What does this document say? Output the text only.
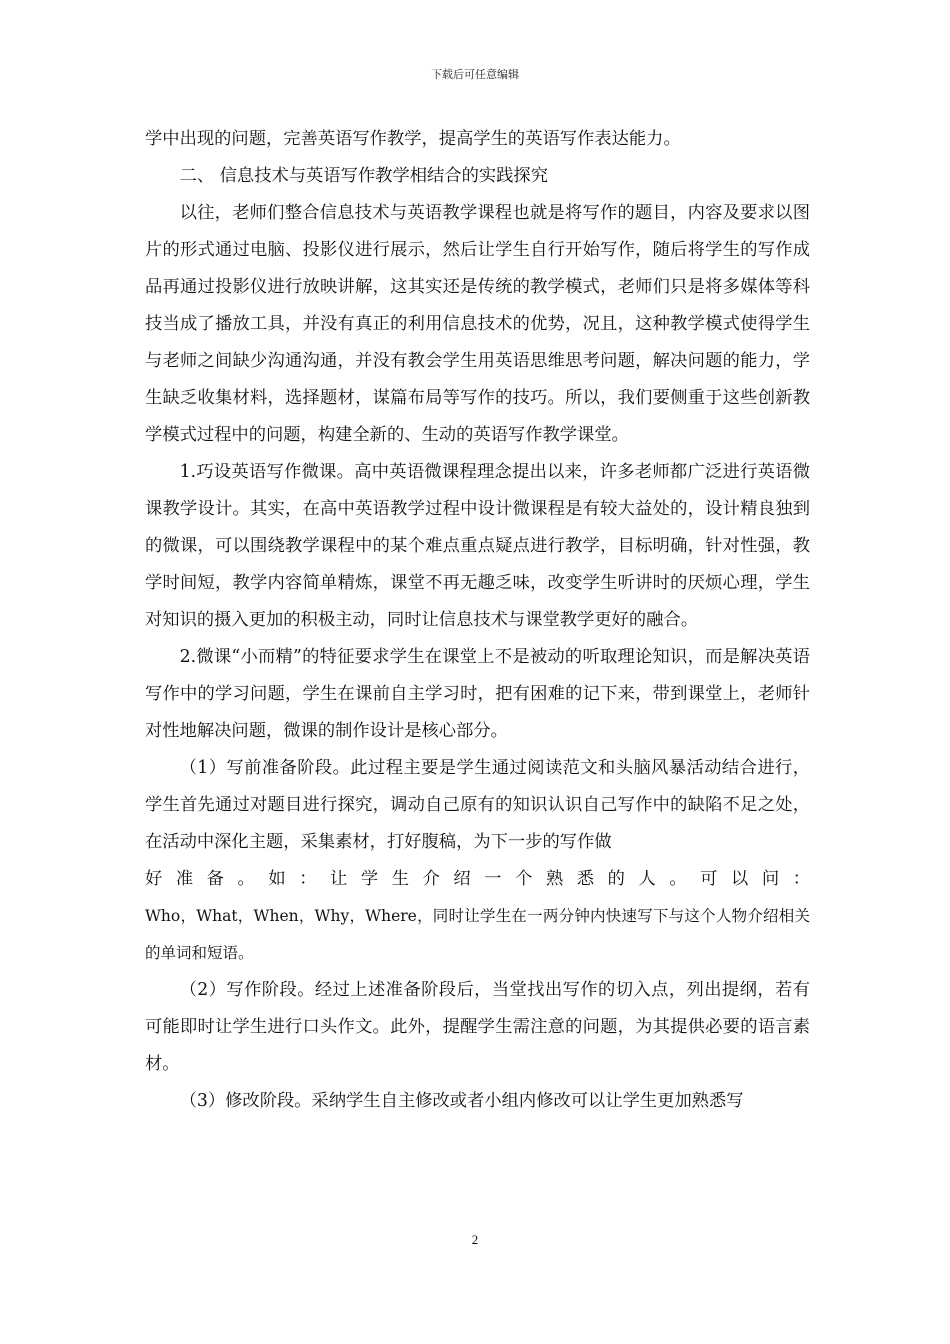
下载后可任意编辑

学中出现的问题，完善英语写作教学，提高学生的英语写作表达能力。

二、 信息技术与英语写作教学相结合的实践探究

以往，老师们整合信息技术与英语教学课程也就是将写作的题目，内容及要求以图片的形式通过电脑、投影仪进行展示，然后让学生自行开始写作，随后将学生的写作成品再通过投影仪进行放映讲解，这其实还是传统的教学模式，老师们只是将多媒体等科技当成了播放工具，并没有真正的利用信息技术的优势，况且，这种教学模式使得学生与老师之间缺少沟通沟通，并没有教会学生用英语思维思考问题，解决问题的能力，学生缺乏收集材料，选择题材，谋篇布局等写作的技巧。所以，我们要侧重于这些创新教学模式过程中的问题，构建全新的、生动的英语写作教学课堂。

1.巧设英语写作微课。高中英语微课程理念提出以来，许多老师都广泛进行英语微课教学设计。其实，在高中英语教学过程中设计微课程是有较大益处的，设计精良独到的微课，可以围绕教学课程中的某个难点重点疑点进行教学，目标明确，针对性强，教学时间短，教学内容简单精炼，课堂不再无趣乏味，改变学生听讲时的厌烦心理，学生对知识的摄入更加的积极主动，同时让信息技术与课堂教学更好的融合。

2.微课“小而精”的特征要求学生在课堂上不是被动的听取理论知识，而是解决英语写作中的学习问题，学生在课前自主学习时，把有困难的记下来，带到课堂上，老师针对性地解决问题，微课的制作设计是核心部分。

（1）写前准备阶段。此过程主要是学生通过阅读范文和头脑风暴活动结合进行，学生首先通过对题目进行探究，调动自己原有的知识认识自己写作中的缺陷不足之处，在活动中深化主题，采集素材，打好腹稿，为下一步的写作做

好准备。如：让学生介绍一个熟悉的人。可以问：

Who，What，When，Why，Where，同时让学生在一两分钟内快速写下与这个人物介绍相关的单词和短语。

（2）写作阶段。经过上述准备阶段后，当堂找出写作的切入点，列出提纲，若有可能即时让学生进行口头作文。此外，提醒学生需注意的问题，为其提供必要的语言素材。

（3）修改阶段。采纳学生自主修改或者小组内修改可以让学生更加熟悉写

2
